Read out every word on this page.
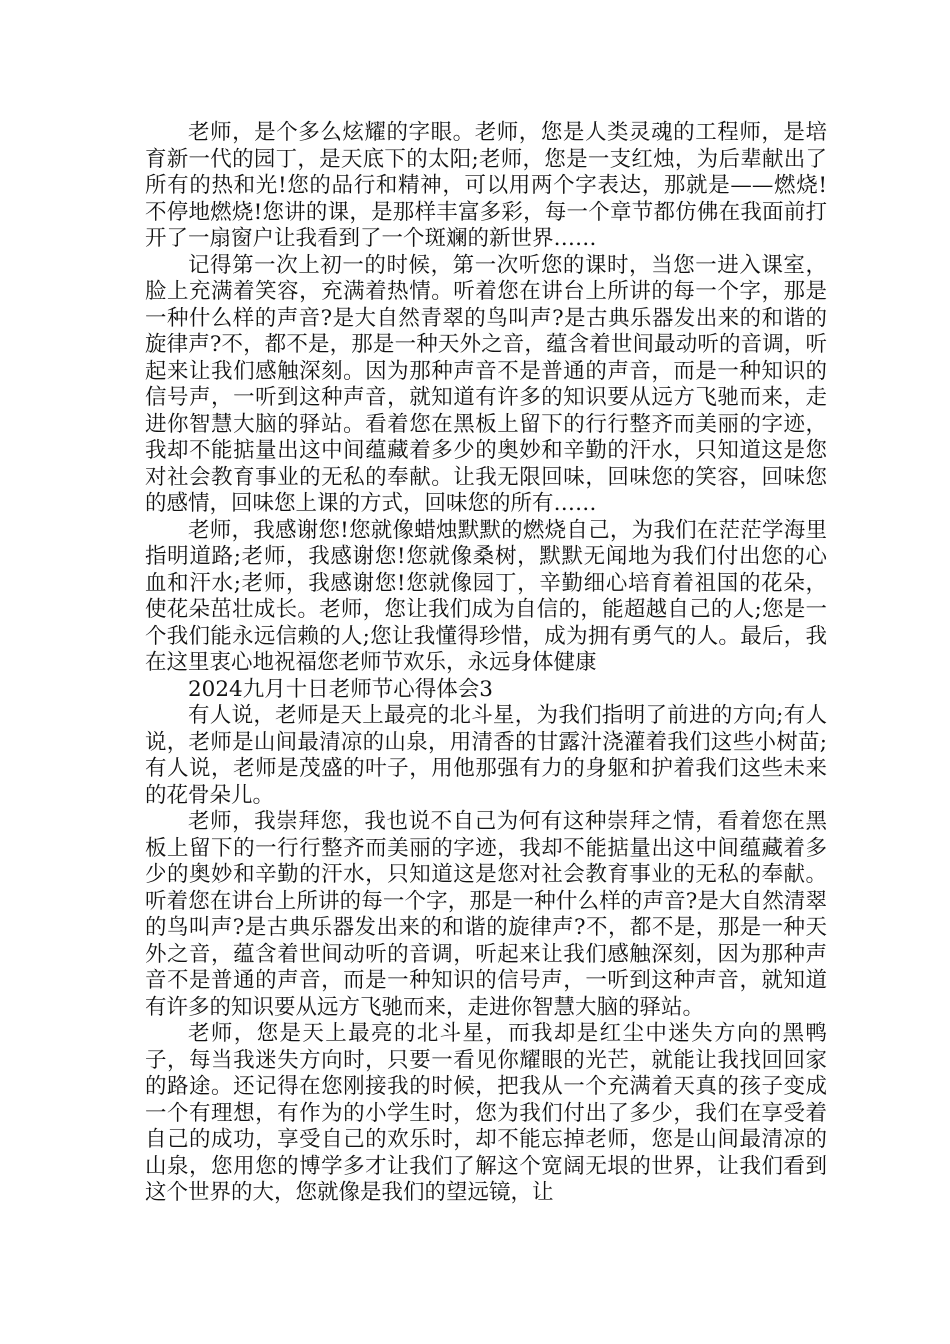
老师，是个多么炫耀的字眼。老师，您是人类灵魂的工程师，是培育新一代的园丁，是天底下的太阳;老师，您是一支红烛，为后辈献出了所有的热和光!您的品行和精神，可以用两个字表达，那就是——燃烧!不停地燃烧!您讲的课，是那样丰富多彩，每一个章节都仿佛在我面前打开了一扇窗户让我看到了一个斑斓的新世界……

记得第一次上初一的时候，第一次听您的课时，当您一进入课室，脸上充满着笑容，充满着热情。听着您在讲台上所讲的每一个字，那是一种什么样的声音?是大自然青翠的鸟叫声?是古典乐器发出来的和谐的旋律声?不，都不是，那是一种天外之音，蕴含着世间最动听的音调，听起来让我们感触深刻。因为那种声音不是普通的声音，而是一种知识的信号声，一听到这种声音，就知道有许多的知识要从远方飞驰而来，走进你智慧大脑的驿站。看着您在黑板上留下的行行整齐而美丽的字迹，我却不能掂量出这中间蕴藏着多少的奥妙和辛勤的汗水，只知道这是您对社会教育事业的无私的奉献。让我无限回味，回味您的笑容，回味您的感情，回味您上课的方式，回味您的所有……

老师，我感谢您!您就像蜡烛默默的燃烧自己，为我们在茫茫学海里指明道路;老师，我感谢您!您就像桑树，默默无闻地为我们付出您的心血和汗水;老师，我感谢您!您就像园丁，辛勤细心培育着祖国的花朵，使花朵茁壮成长。老师，您让我们成为自信的，能超越自己的人;您是一个我们能永远信赖的人;您让我懂得珍惜，成为拥有勇气的人。最后，我在这里衷心地祝福您老师节欢乐，永远身体健康

2024九月十日老师节心得体会3

有人说，老师是天上最亮的北斗星，为我们指明了前进的方向;有人说，老师是山间最清凉的山泉，用清香的甘露汁浇灌着我们这些小树苗;有人说，老师是茂盛的叶子，用他那强有力的身躯和护着我们这些未来的花骨朵儿。

老师，我崇拜您，我也说不自己为何有这种崇拜之情，看着您在黑板上留下的一行行整齐而美丽的字迹，我却不能掂量出这中间蕴藏着多少的奥妙和辛勤的汗水，只知道这是您对社会教育事业的无私的奉献。听着您在讲台上所讲的每一个字，那是一种什么样的声音?是大自然清翠的鸟叫声?是古典乐器发出来的和谐的旋律声?不，都不是，那是一种天外之音，蕴含着世间动听的音调，听起来让我们感触深刻，因为那种声音不是普通的声音，而是一种知识的信号声，一听到这种声音，就知道有许多的知识要从远方飞驰而来，走进你智慧大脑的驿站。

老师，您是天上最亮的北斗星，而我却是红尘中迷失方向的黑鸭子，每当我迷失方向时，只要一看见你耀眼的光芒，就能让我找回回家的路途。还记得在您刚接我的时候，把我从一个充满着天真的孩子变成一个有理想，有作为的小学生时，您为我们付出了多少，我们在享受着自己的成功，享受自己的欢乐时，却不能忘掉老师，您是山间最清凉的山泉，您用您的博学多才让我们了解这个宽阔无垠的世界，让我们看到这个世界的大，您就像是我们的望远镜，让
